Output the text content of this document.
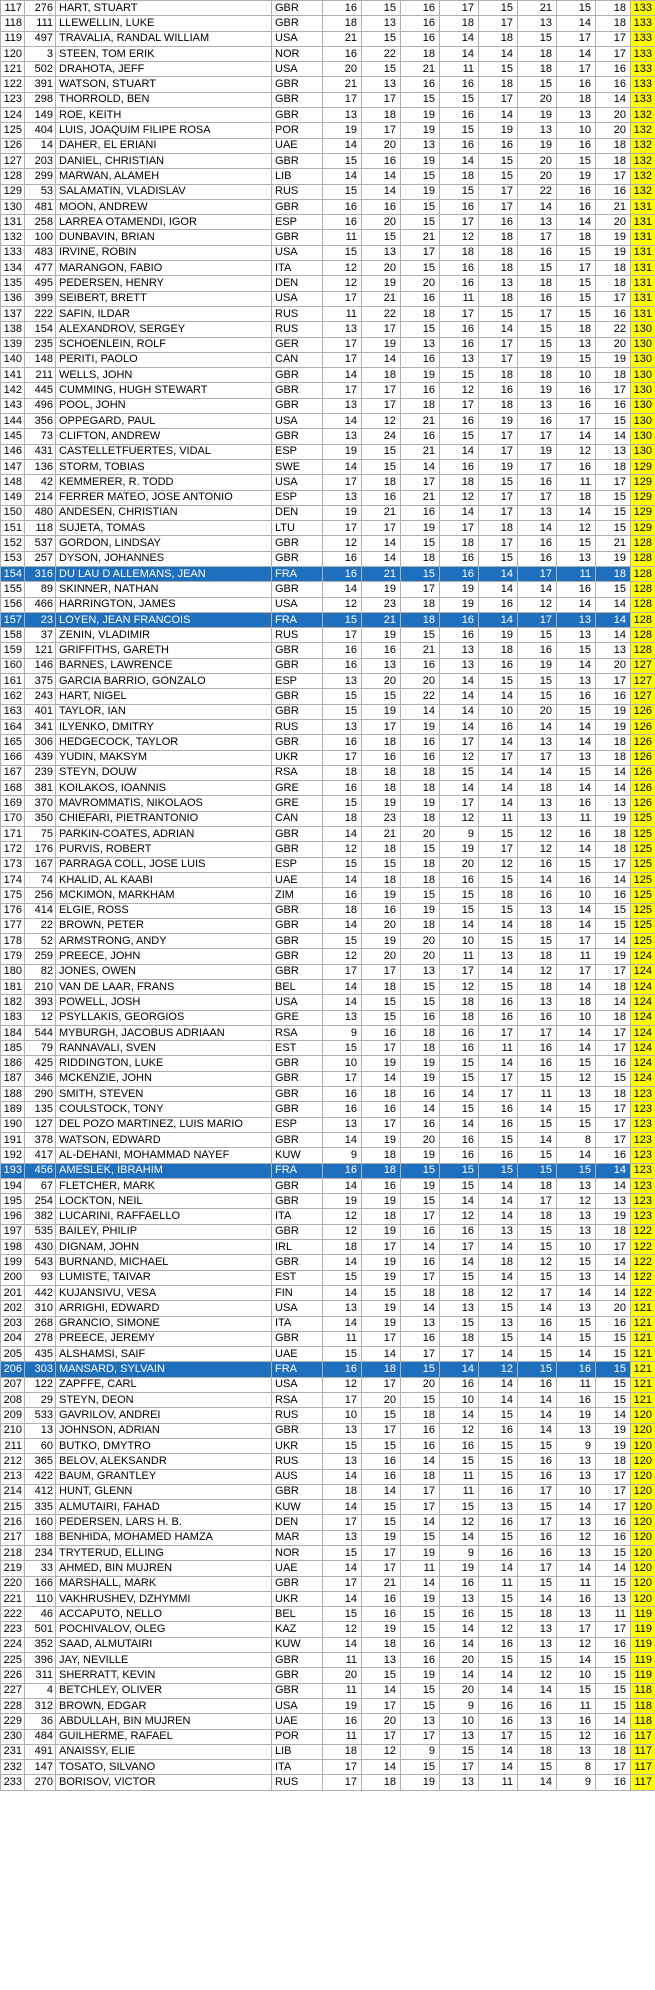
117	276	HART, STUART	GBR	16	15	16	17	15	21	15	18	133
118	111	LLEWELLIN, LUKE	GBR	18	13	16	18	17	13	14	18	133
119	497	TRAVALIA, RANDAL WILLIAM	USA	21	15	16	14	18	15	17	17	133
120	3	STEEN, TOM ERIK	NOR	16	22	18	14	14	18	14	17	133
121	502	DRAHOTA, JEFF	USA	20	15	21	11	15	18	17	16	133
122	391	WATSON, STUART	GBR	21	13	16	16	18	15	16	16	133
123	298	THORROLD, BEN	GBR	17	17	15	15	17	20	18	14	133
124	149	ROE, KEITH	GBR	13	18	19	16	14	19	13	20	132
125	404	LUIS, JOAQUIM FILIPE ROSA	POR	19	17	19	15	19	13	10	20	132
126	14	DAHER, EL ERIANI	UAE	14	20	13	16	16	19	16	18	132
127	203	DANIEL, CHRISTIAN	GBR	15	16	19	14	15	20	15	18	132
128	299	MARWAN, ALAMEH	LIB	14	14	15	18	15	20	19	17	132
129	53	SALAMATIN, VLADISLAV	RUS	15	14	19	15	17	22	16	16	132
130	481	MOON, ANDREW	GBR	16	16	15	16	17	14	16	21	131
131	258	LARREA OTAMENDI, IGOR	ESP	16	20	15	17	16	13	14	20	131
132	100	DUNBAVIN, BRIAN	GBR	11	15	21	12	18	17	18	19	131
133	483	IRVINE, ROBIN	USA	15	13	17	18	18	16	15	19	131
134	477	MARANGON, FABIO	ITA	12	20	15	16	18	15	17	18	131
135	495	PEDERSEN, HENRY	DEN	12	19	20	16	13	18	15	18	131
136	399	SEIBERT, BRETT	USA	17	21	16	11	18	16	15	17	131
137	222	SAFIN, ILDAR	RUS	11	22	18	17	15	17	15	16	131
138	154	ALEXANDROV, SERGEY	RUS	13	17	15	16	14	15	18	22	130
139	235	SCHOENLEIN, ROLF	GER	17	19	13	16	17	15	13	20	130
140	148	PERITI, PAOLO	CAN	17	14	16	13	17	19	15	19	130
141	211	WELLS, JOHN	GBR	14	18	19	15	18	18	10	18	130
142	445	CUMMING, HUGH STEWART	GBR	17	17	16	12	16	19	16	17	130
143	496	POOL, JOHN	GBR	13	17	18	17	18	13	16	16	130
144	356	OPPEGARD, PAUL	USA	14	12	21	16	19	16	17	15	130
145	73	CLIFTON, ANDREW	GBR	13	24	16	15	17	17	14	14	130
146	431	CASTELLETFUERTES, VIDAL	ESP	19	15	21	14	17	19	12	13	130
147	136	STORM, TOBIAS	SWE	14	15	14	16	19	17	16	18	129
148	42	KEMMERER, R. TODD	USA	17	18	17	18	15	16	11	17	129
149	214	FERRER MATEO, JOSE ANTONIO	ESP	13	16	21	12	17	17	18	15	129
150	480	ANDESEN, CHRISTIAN	DEN	19	21	16	14	17	13	14	15	129
151	118	SUJETA, TOMAS	LTU	17	17	19	17	18	14	12	15	129
152	537	GORDON, LINDSAY	GBR	12	14	15	18	17	16	15	21	128
153	257	DYSON, JOHANNES	GBR	16	14	18	16	15	16	13	19	128
154	316	DU LAU D ALLEMANS, JEAN	FRA	16	21	15	16	14	17	11	18	128
155	89	SKINNER, NATHAN	GBR	14	19	17	19	14	14	16	15	128
156	466	HARRINGTON, JAMES	USA	12	23	18	19	16	12	14	14	128
157	23	LOYEN, JEAN FRANCOIS	FRA	15	21	18	16	14	17	13	14	128
158	37	ZENIN, VLADIMIR	RUS	17	19	15	16	19	15	13	14	128
159	121	GRIFFITHS, GARETH	GBR	16	16	21	13	18	16	15	13	128
160	146	BARNES, LAWRENCE	GBR	16	13	16	13	16	19	14	20	127
161	375	GARCIA BARRIO, GONZALO	ESP	13	20	20	14	15	15	13	17	127
162	243	HART, NIGEL	GBR	15	15	22	14	14	15	16	16	127
163	401	TAYLOR, IAN	GBR	15	19	14	14	10	20	15	19	126
164	341	ILYENKO, DMITRY	RUS	13	17	19	14	16	14	14	19	126
165	306	HEDGECOCK, TAYLOR	GBR	16	18	16	17	14	13	14	18	126
166	439	YUDIN, MAKSYM	UKR	17	16	16	12	17	17	13	18	126
167	239	STEYN, DOUW	RSA	18	18	18	15	14	14	15	14	126
168	381	KOILAKOS, IOANNIS	GRE	16	18	18	14	14	18	14	14	126
169	370	MAVROMMATIS, NIKOLAOS	GRE	15	19	19	17	14	13	16	13	126
170	350	CHIEFARI, PIETRANTONIO	CAN	18	23	18	12	11	13	11	19	125
171	75	PARKIN-COATES, ADRIAN	GBR	14	21	20	9	15	12	16	18	125
172	176	PURVIS, ROBERT	GBR	12	18	15	19	17	12	14	18	125
173	167	PARRAGA COLL, JOSE LUIS	ESP	15	15	18	20	12	16	15	17	125
174	74	KHALID, AL KAABI	UAE	14	18	18	16	15	14	16	14	125
175	256	MCKIMON, MARKHAM	ZIM	16	19	15	15	18	16	10	16	125
176	414	ELGIE, ROSS	GBR	18	16	19	15	15	13	14	15	125
177	22	BROWN, PETER	GBR	14	20	18	14	14	18	14	15	125
178	52	ARMSTRONG, ANDY	GBR	15	19	20	10	15	15	17	14	125
179	259	PREECE, JOHN	GBR	12	20	20	11	13	18	11	19	124
180	82	JONES, OWEN	GBR	17	17	13	17	14	12	17	17	124
181	210	VAN DE LAAR, FRANS	BEL	14	18	15	12	15	18	14	18	124
182	393	POWELL, JOSH	USA	14	15	15	18	16	13	18	14	124
183	12	PSYLLAKIS, GEORGIOS	GRE	13	15	16	18	16	16	10	18	124
184	544	MYBURGH, JACOBUS ADRIAAN	RSA	9	16	18	16	17	17	14	17	124
185	79	RANNAVALI, SVEN	EST	15	17	18	16	11	16	14	17	124
186	425	RIDDINGTON, LUKE	GBR	10	19	19	15	14	16	15	16	124
187	346	MCKENZIE, JOHN	GBR	17	14	19	15	17	15	12	15	124
188	290	SMITH, STEVEN	GBR	16	18	16	14	17	11	13	18	123
189	135	COULSTOCK, TONY	GBR	16	16	14	15	16	14	15	17	123
190	127	DEL POZO MARTINEZ, LUIS MARIO	ESP	13	17	16	14	16	15	15	17	123
191	378	WATSON, EDWARD	GBR	14	19	20	16	15	14	8	17	123
192	417	AL-DEHANI, MOHAMMAD NAYEF	KUW	9	18	19	16	16	15	14	16	123
193	456	AMESLEK, IBRAHIM	FRA	16	18	15	15	15	15	15	14	123
194	67	FLETCHER, MARK	GBR	14	16	19	15	14	18	13	14	123
195	254	LOCKTON, NEIL	GBR	19	19	15	14	14	17	12	13	123
196	382	LUCARINI, RAFFAELLO	ITA	12	18	17	12	14	18	13	19	123
197	535	BAILEY, PHILIP	GBR	12	19	16	16	13	15	13	18	122
198	430	DIGNAM, JOHN	IRL	18	17	14	17	14	15	10	17	122
199	543	BURNAND, MICHAEL	GBR	14	19	16	14	18	12	15	14	122
200	93	LUMISTE, TAIVAR	EST	15	19	17	15	14	15	13	14	122
201	442	KUJANSIVU, VESA	FIN	14	15	18	18	12	17	14	14	122
202	310	ARRIGHI, EDWARD	USA	13	19	14	13	15	14	13	20	121
203	268	GRANCIO, SIMONE	ITA	14	19	13	15	13	16	15	16	121
204	278	PREECE, JEREMY	GBR	11	17	16	18	15	14	15	15	121
205	435	ALSHAMSI, SAIF	UAE	15	14	17	17	14	15	14	15	121
206	303	MANSARD, SYLVAIN	FRA	16	18	15	14	12	15	16	15	121
207	122	ZAPFFE, CARL	USA	12	17	20	16	14	16	11	15	121
208	29	STEYN, DEON	RSA	17	20	15	10	14	14	16	15	121
209	533	GAVRILOV, ANDREI	RUS	10	15	18	14	15	14	19	14	120
210	13	JOHNSON, ADRIAN	GBR	13	17	16	12	16	14	13	19	120
211	60	BUTKO, DMYTRO	UKR	15	15	16	16	15	15	9	19	120
212	365	BELOV, ALEKSANDR	RUS	13	16	14	15	15	16	13	18	120
213	422	BAUM, GRANTLEY	AUS	14	16	18	11	15	16	13	17	120
214	412	HUNT, GLENN	GBR	18	14	17	11	16	17	10	17	120
215	335	ALMUTAIRI, FAHAD	KUW	14	15	17	15	13	15	14	17	120
216	160	PEDERSEN, LARS H. B.	DEN	17	15	14	12	16	17	13	16	120
217	188	BENHIDA, MOHAMED HAMZA	MAR	13	19	15	14	15	16	12	16	120
218	234	TRYTERUD, ELLING	NOR	15	17	19	9	16	16	13	15	120
219	33	AHMED, BIN MUJREN	UAE	14	17	11	19	14	17	14	14	120
220	166	MARSHALL, MARK	GBR	17	21	14	16	11	15	11	15	120
221	110	VAKHRUSHEV, DZHYMMI	UKR	14	16	19	13	15	14	16	13	120
222	46	ACCAPUTO, NELLO	BEL	15	16	15	16	15	18	13	11	119
223	501	POCHIVALOV, OLEG	KAZ	12	19	15	14	12	13	17	17	119
224	352	SAAD, ALMUTAIRI	KUW	14	18	16	14	16	13	12	16	119
225	396	JAY, NEVILLE	GBR	11	13	16	20	15	15	14	15	119
226	311	SHERRATT, KEVIN	GBR	20	15	19	14	14	12	10	15	119
227	4	BETCHLEY, OLIVER	GBR	11	14	15	20	14	14	15	15	118
228	312	BROWN, EDGAR	USA	19	17	15	9	16	16	11	15	118
229	36	ABDULLAH, BIN MUJREN	UAE	16	20	13	10	16	13	16	14	118
230	484	GUILHERME, RAFAEL	POR	11	17	17	13	17	15	12	16	117
231	491	ANAISSY, ELIE	LIB	18	12	9	15	14	18	13	18	117
232	147	TOSATO, SILVANO	ITA	17	14	15	17	14	15	8	17	117
233	270	BORISOV, VICTOR	RUS	17	18	19	13	11	14	9	16	117
